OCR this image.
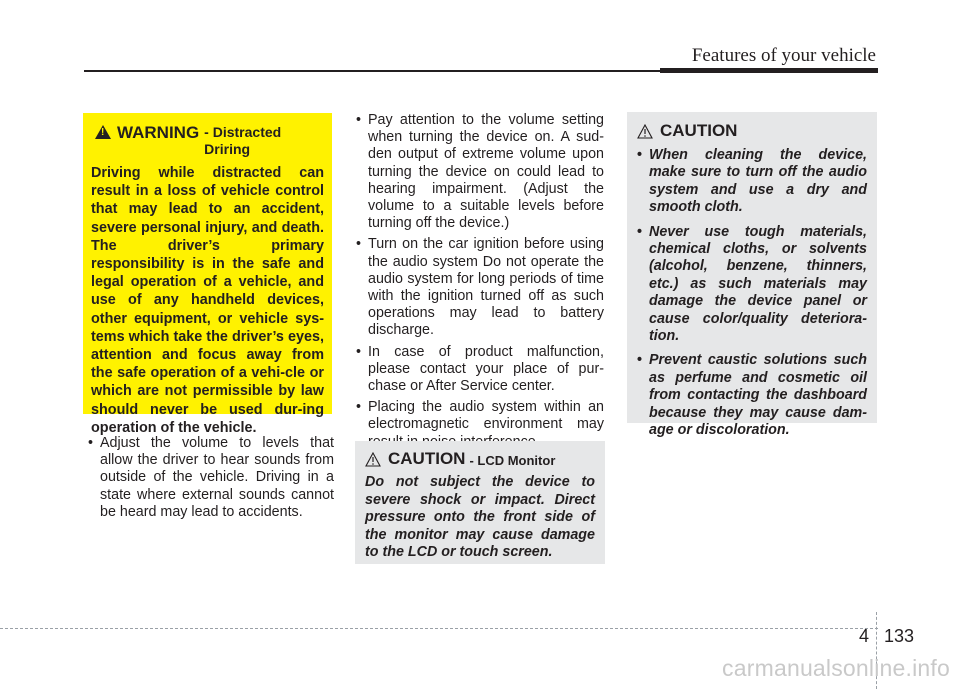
Features of your vehicle
! WARNING - Distracted Driring
Driving while distracted can result in a loss of vehicle control that may lead to an accident, severe personal injury, and death. The driver’s primary responsibility is in the safe and legal operation of a vehicle, and use of any handheld devices, other equipment, or vehicle sys-tems which take the driver’s eyes, attention and focus away from the safe operation of a vehi-cle or which are not permissible by law should never be used dur-ing operation of the vehicle.
• Adjust the volume to levels that allow the driver to hear sounds from outside of the vehicle. Driving in a state where external sounds cannot be heard may lead to accidents.
• Pay attention to the volume setting when turning the device on. A sud-den output of extreme volume upon turning the device on could lead to hearing impairment. (Adjust the volume to a suitable levels before turning off the device.)
• Turn on the car ignition before using the audio system Do not operate the audio system for long periods of time with the ignition turned off as such operations may lead to battery discharge.
• In case of product malfunction, please contact your place of pur-chase or After Service center.
• Placing the audio system within an electromagnetic environment may
CAUTION - LCD Monitor
Do not subject the device to severe shock or impact. Direct pressure onto the front side of the monitor may cause damage to the LCD or touch screen.
CAUTION
• When cleaning the device, make sure to turn off the audio system and use a dry and smooth cloth.
• Never use tough materials, chemical cloths, or solvents (alcohol, benzene, thinners, etc.) as such materials may damage the device panel or cause color/quality deteriora-tion.
• Prevent caustic solutions such as perfume and cosmetic oil from contacting the dashboard because they may cause dam-age or discoloration.
4 133
carmanualsonline.info
